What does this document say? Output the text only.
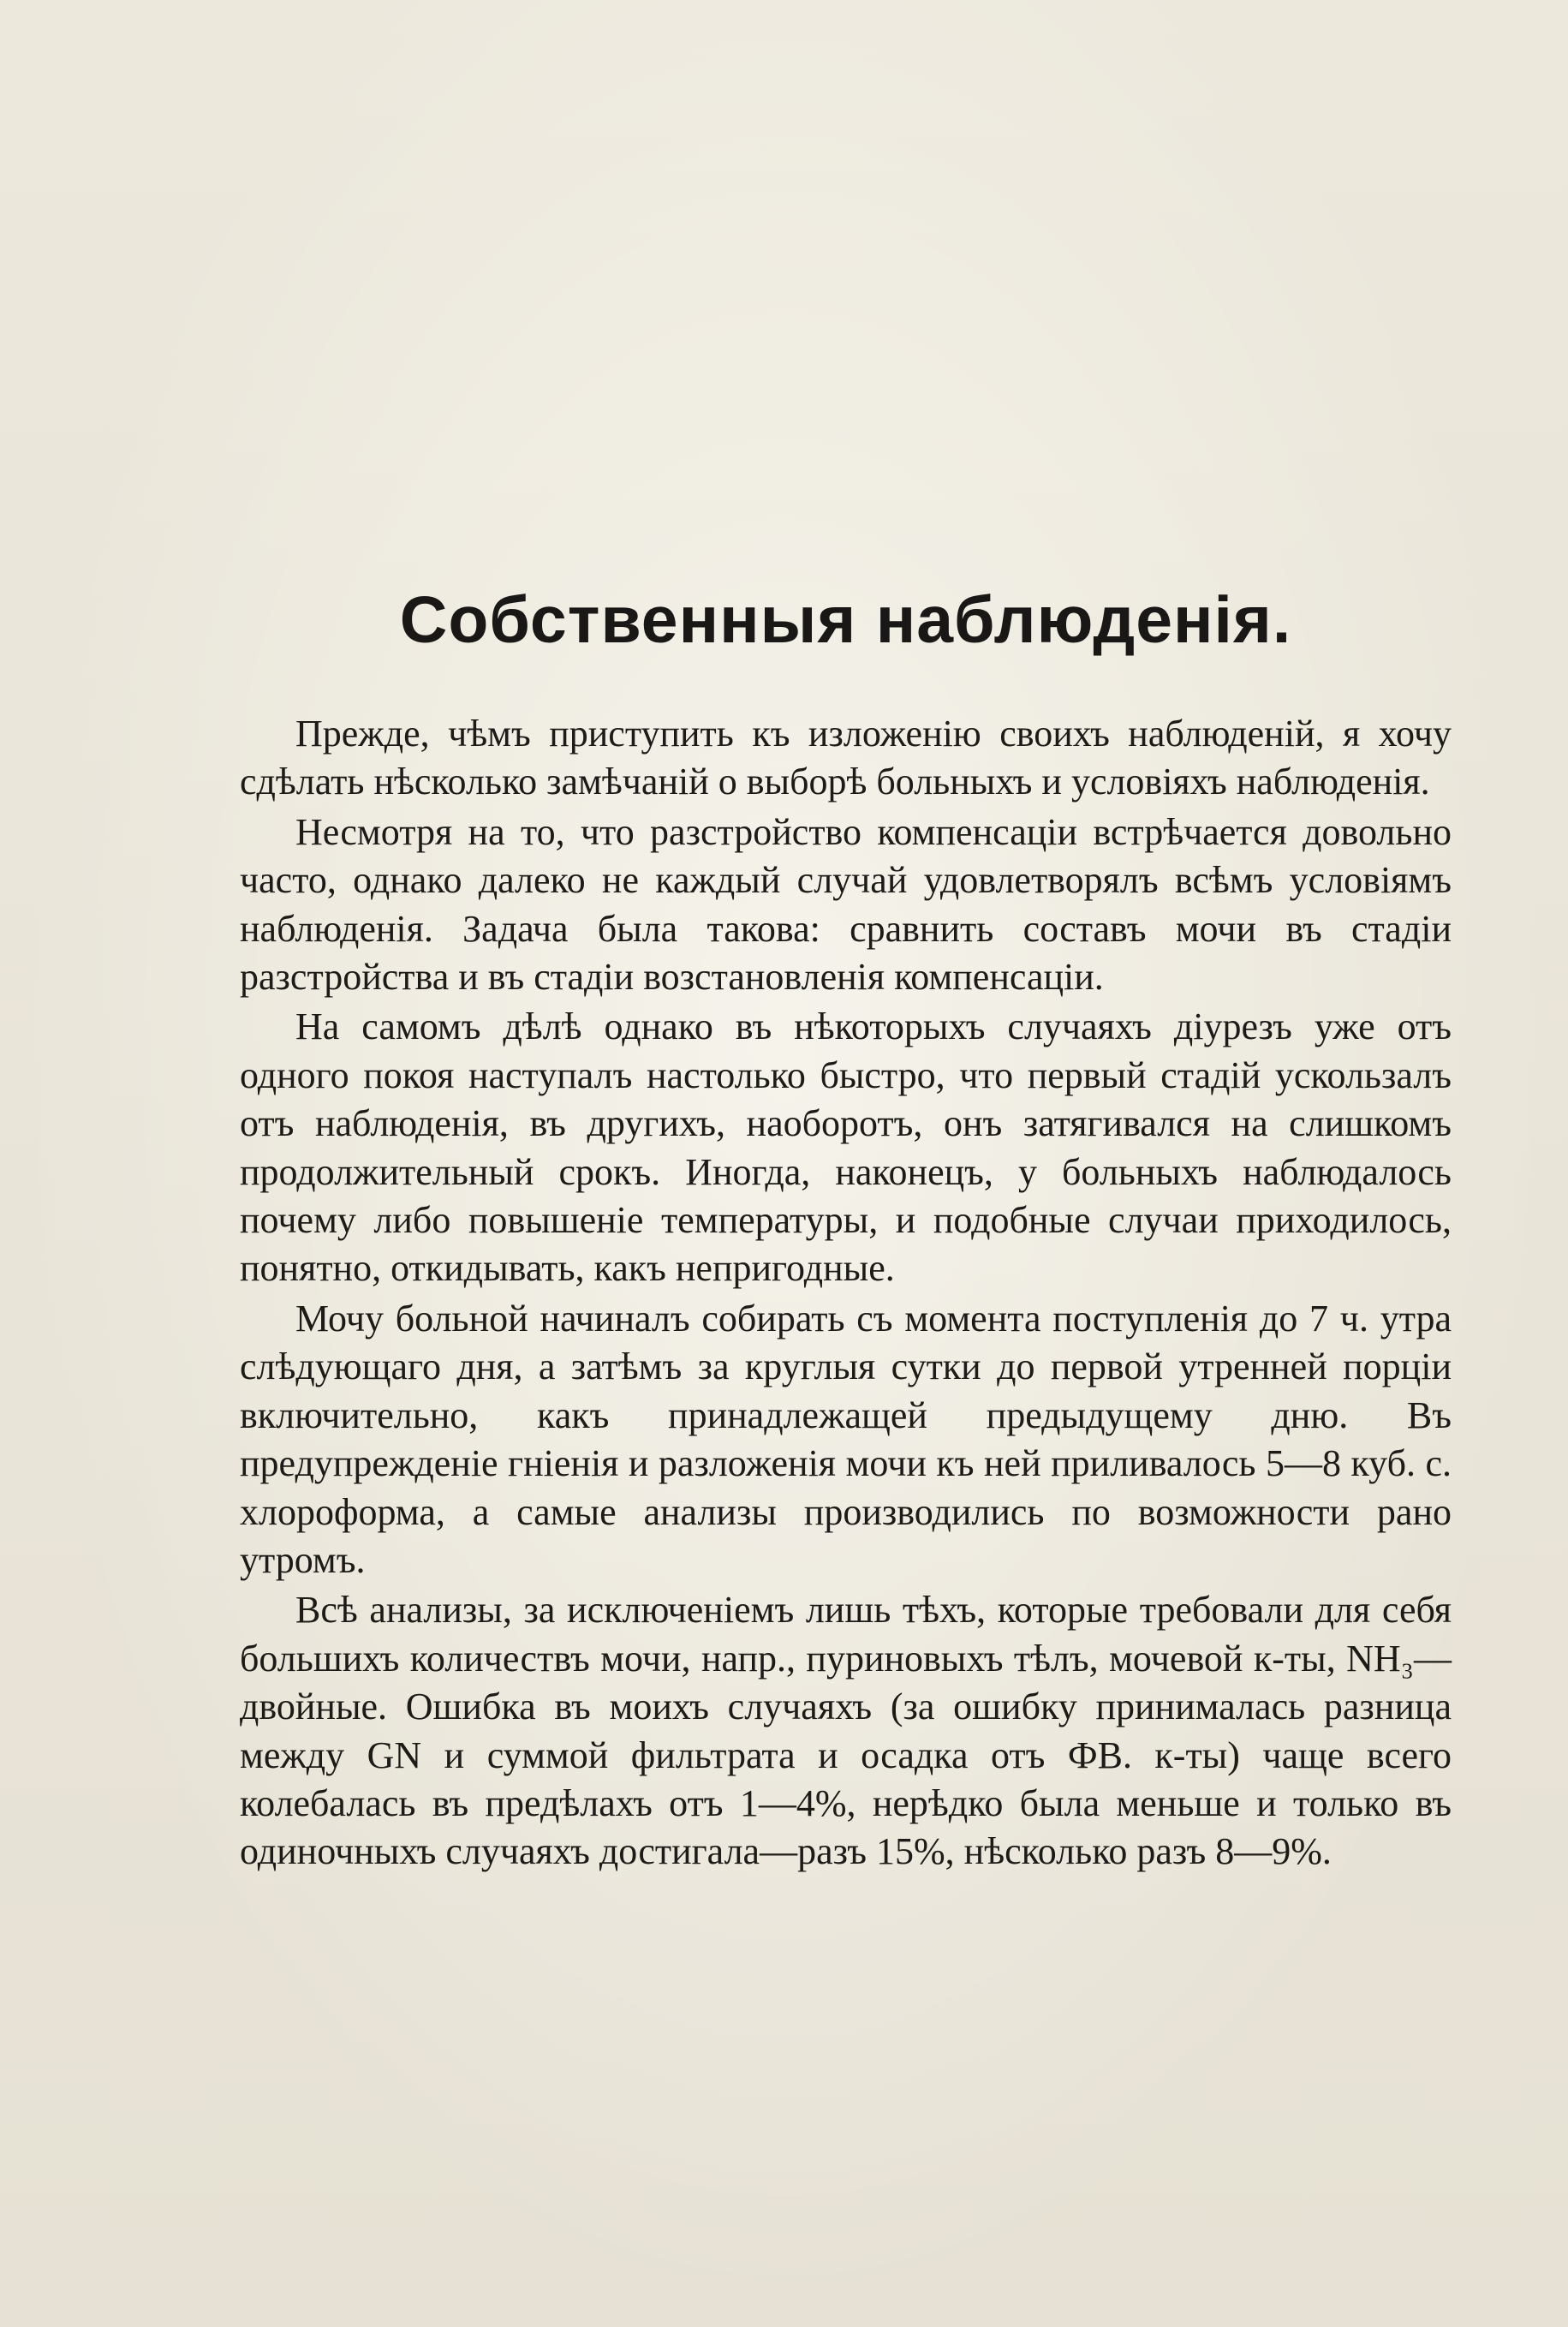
Собственныя наблюденія.

Прежде, чѣмъ приступить къ изложенію своихъ наблюденій, я хочу сдѣлать нѣсколько замѣчаній о выборѣ больныхъ и условіяхъ наблюденія.

Несмотря на то, что разстройство компенсаціи встрѣчается довольно часто, однако далеко не каждый случай удовлетворялъ всѣмъ условіямъ наблюденія. Задача была такова: сравнить составъ мочи въ стадіи разстройства и въ стадіи возстановленія компенсаціи.

На самомъ дѣлѣ однако въ нѣкоторыхъ случаяхъ діурезъ уже отъ одного покоя наступалъ настолько быстро, что первый стадій ускользалъ отъ наблюденія, въ другихъ, наоборотъ, онъ затягивался на слишкомъ продолжительный срокъ. Иногда, наконецъ, у больныхъ наблюдалось почему либо повышеніе температуры, и подобные случаи приходилось, понятно, откидывать, какъ непригодные.

Мочу больной начиналъ собирать съ момента поступленія до 7 ч. утра слѣдующаго дня, а затѣмъ за круглыя сутки до первой утренней порціи включительно, какъ принадлежащей предыдущему дню. Въ предупрежденіе гніенія и разложенія мочи къ ней приливалось 5—8 куб. с. хлороформа, а самые анализы производились по возможности рано утромъ.

Всѣ анализы, за исключеніемъ лишь тѣхъ, которые требовали для себя большихъ количествъ мочи, напр., пуриновыхъ тѣлъ, мочевой к-ты, NH₃—двойные. Ошибка въ моихъ случаяхъ (за ошибку принималась разница между GN и суммой фильтрата и осадка отъ ФВ. к-ты) чаще всего колебалась въ предѣлахъ отъ 1—4%, нерѣдко была меньше и только въ одиночныхъ случаяхъ достигала—разъ 15%, нѣсколько разъ 8—9%.
